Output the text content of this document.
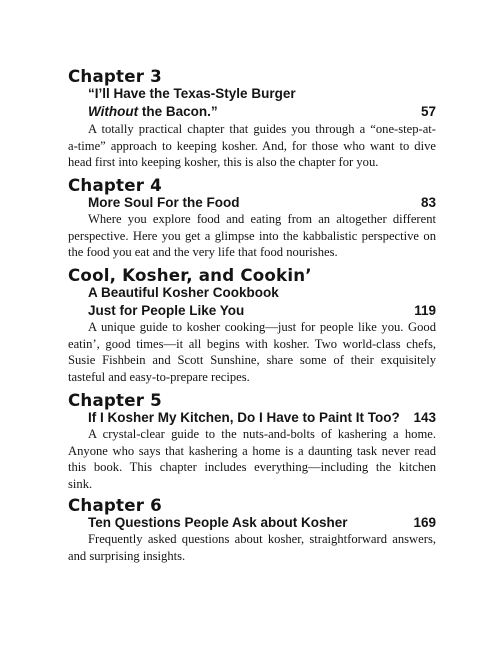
Chapter 3
“I’ll Have the Texas-Style Burger
Without the Bacon.”	57
A totally practical chapter that guides you through a “one-step-at-
a-time” approach to keeping kosher. And, for those who want to dive
head first into keeping kosher, this is also the chapter for you.
Chapter 4
More Soul For the Food	83
Where you explore food and eating from an altogether different
perspective. Here you get a glimpse into the kabbalistic perspective on
the food you eat and the very life that food nourishes.
Cool, Kosher, and Cookin’
A Beautiful Kosher Cookbook
Just for People Like You	119
A unique guide to kosher cooking—just for people like you. Good
eatin’, good times—it all begins with kosher. Two world-class chefs,
Susie Fishbein and Scott Sunshine, share some of their exquisitely
tasteful and easy-to-prepare recipes.
Chapter 5
If I Kosher My Kitchen, Do I Have to Paint It Too? 143
A crystal-clear guide to the nuts-and-bolts of kashering a home.
Anyone who says that kashering a home is a daunting task never read
this book. This chapter includes everything—including the kitchen
sink.
Chapter 6
Ten Questions People Ask about Kosher	169
Frequently asked questions about kosher, straightforward answers,
and surprising insights.
